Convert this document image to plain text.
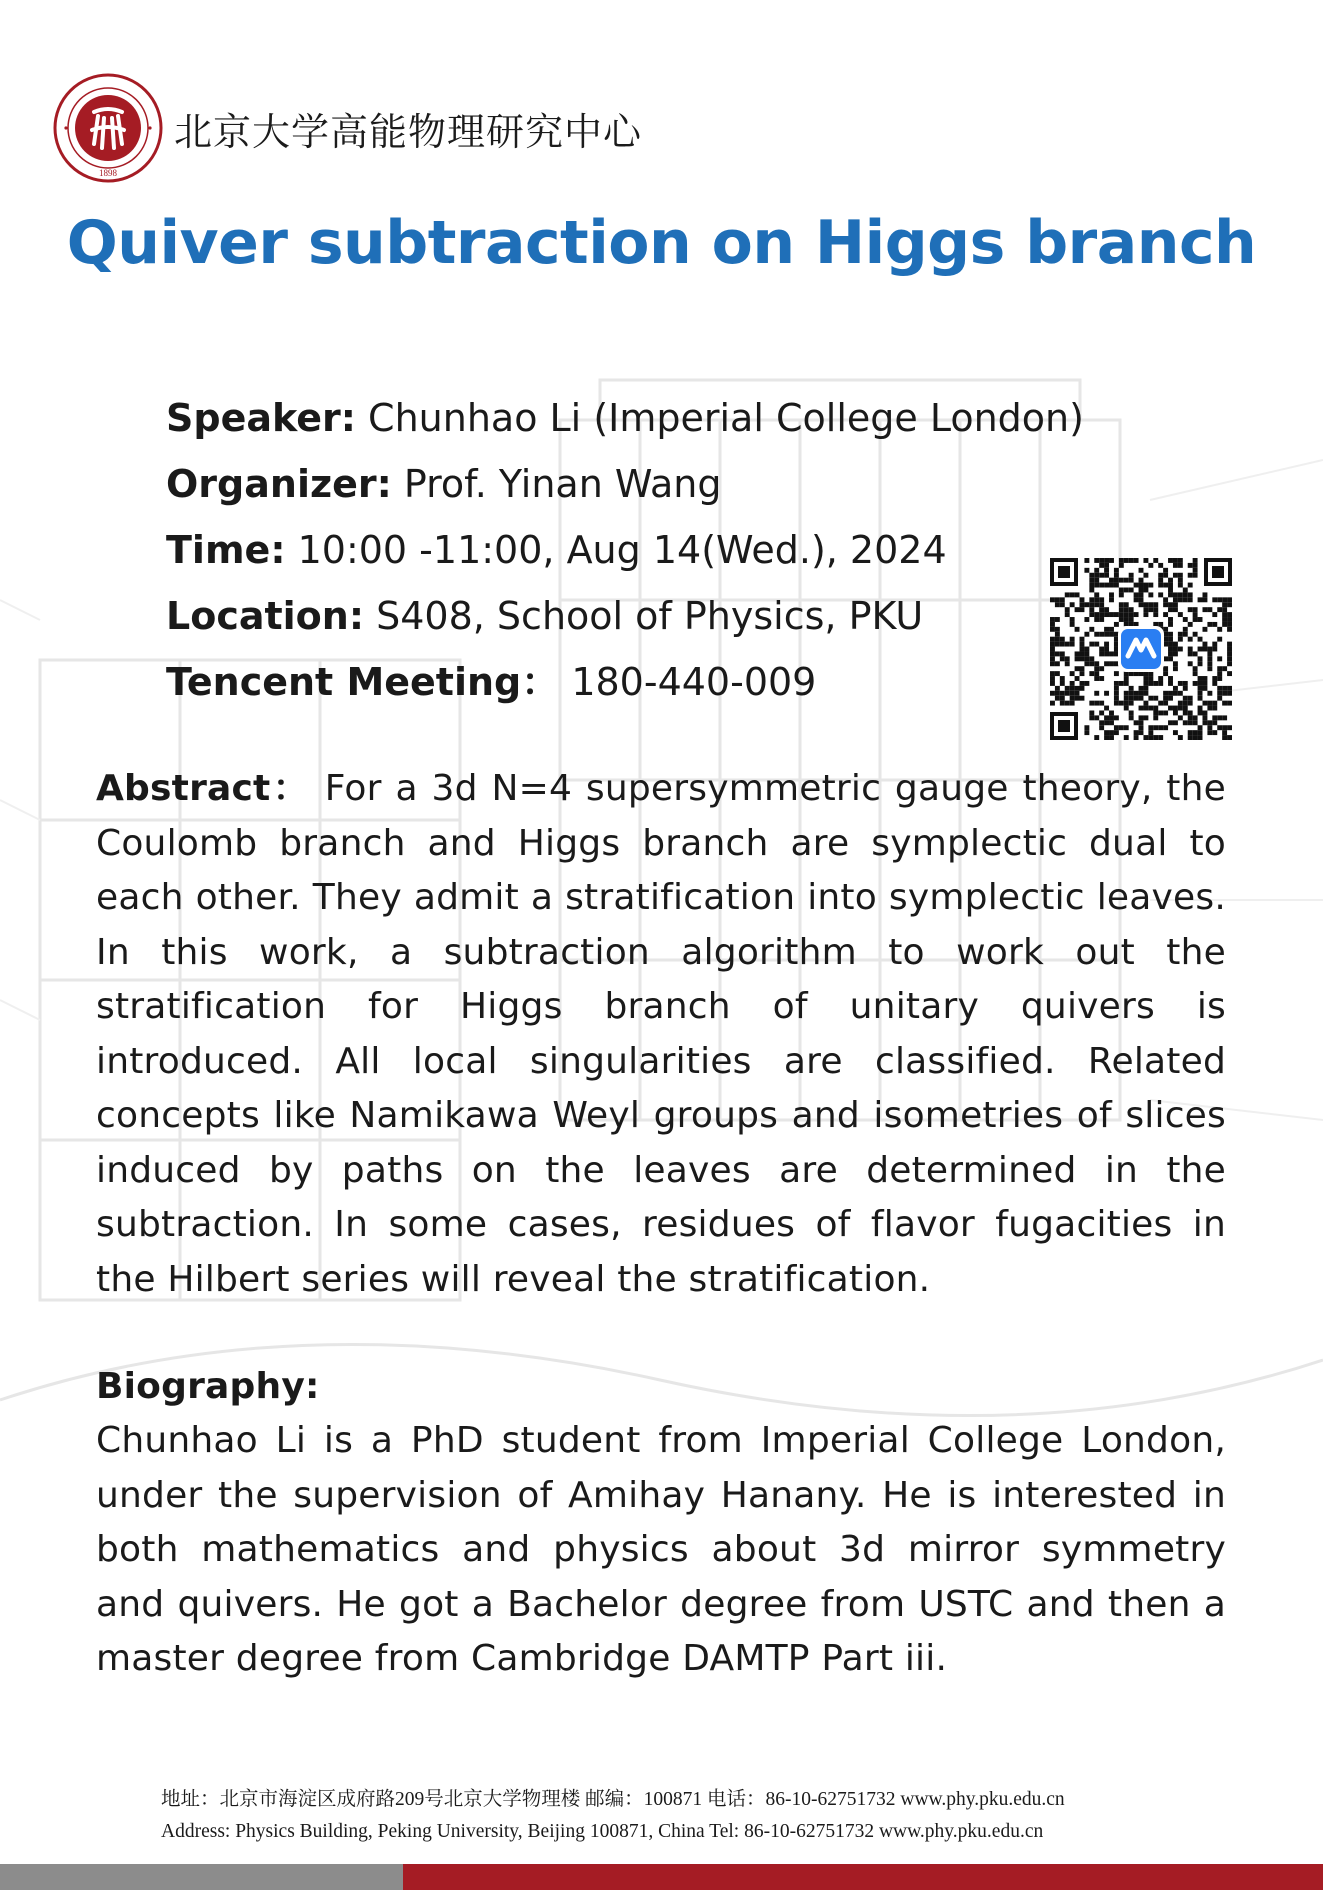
1898
北京大学高能物理研究中心
Quiver subtraction on Higgs branch
Speaker: Chunhao Li (Imperial College London)
Organizer: Prof. Yinan Wang
Time: 10:00 -11:00, Aug 14(Wed.), 2024
Location: S408, School of Physics, PKU
Tencent Meeting： 180-440-009
Abstract： For a 3d N=4 supersymmetric gauge theory, the Coulomb branch and Higgs branch are symplectic dual to each other. They admit a stratification into symplectic leaves. In this work, a subtraction algorithm to work out the stratification for Higgs branch of unitary quivers is introduced. All local singularities are classified. Related concepts like Namikawa Weyl groups and isometries of slices induced by paths on the leaves are determined in the subtraction. In some cases, residues of flavor fugacities in the Hilbert series will reveal the stratification.
Biography:
Chunhao Li is a PhD student from Imperial College London, under the supervision of Amihay Hanany. He is interested in both mathematics and physics about 3d mirror symmetry and quivers. He got a Bachelor degree from USTC and then a master degree from Cambridge DAMTP Part iii.
地址：北京市海淀区成府路209号北京大学物理楼 邮编：100871 电话：86-10-62751732 www.phy.pku.edu.cn
Address: Physics Building, Peking University, Beijing 100871, China Tel: 86-10-62751732 www.phy.pku.edu.cn
